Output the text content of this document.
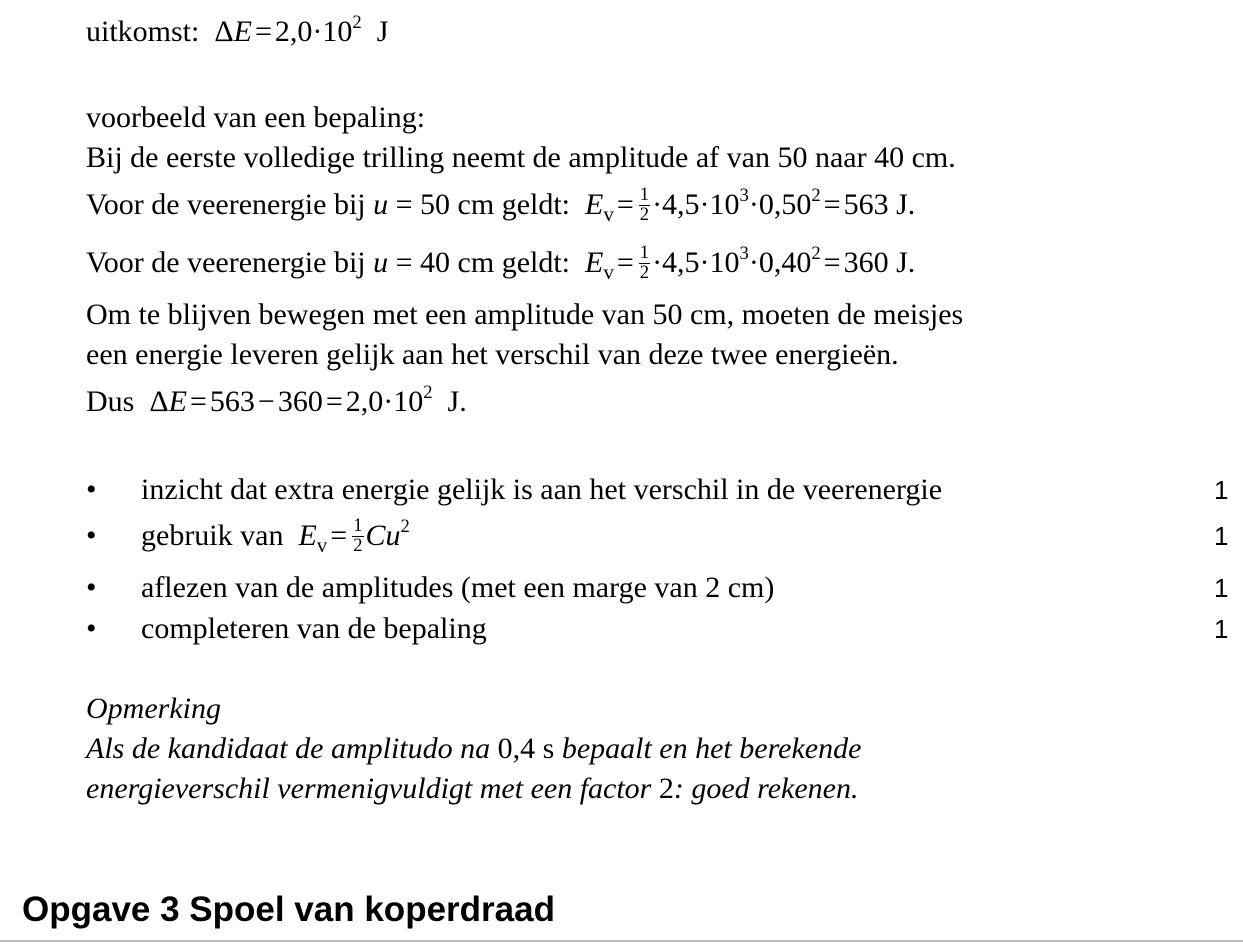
uitkomst:  $\Delta E = 2,0\cdot 10^2$  J
voorbeeld van een bepaling:
Bij de eerste volledige trilling neemt de amplitude af van 50 naar 40 cm.
Voor de veerenergie bij u = 50 cm geldt:  $E_v = \frac{1}{2} \cdot 4,5\cdot 10^3\cdot 0,50^2 = 563$ J.
Voor de veerenergie bij u = 40 cm geldt:  $E_v = \frac{1}{2} \cdot 4,5\cdot 10^3\cdot 0,40^2 = 360$ J.
Om te blijven bewegen met een amplitude van 50 cm, moeten de meisjes
een energie leveren gelijk aan het verschil van deze twee energieën.
Dus  $\Delta E = 563 - 360 = 2,0\cdot 10^2$  J.
• inzicht dat extra energie gelijk is aan het verschil in de veerenergie	1
• gebruik van $E_v = \frac{1}{2} Cu^2$	1
• aflezen van de amplitudes (met een marge van 2 cm)	1
• completeren van de bepaling	1
Opmerking
Als de kandidaat de amplitudo na 0,4 s bepaalt en het berekende
energieverschil vermenigvuldigt met een factor 2: goed rekenen.
Opgave 3 Spoel van koperdraad
